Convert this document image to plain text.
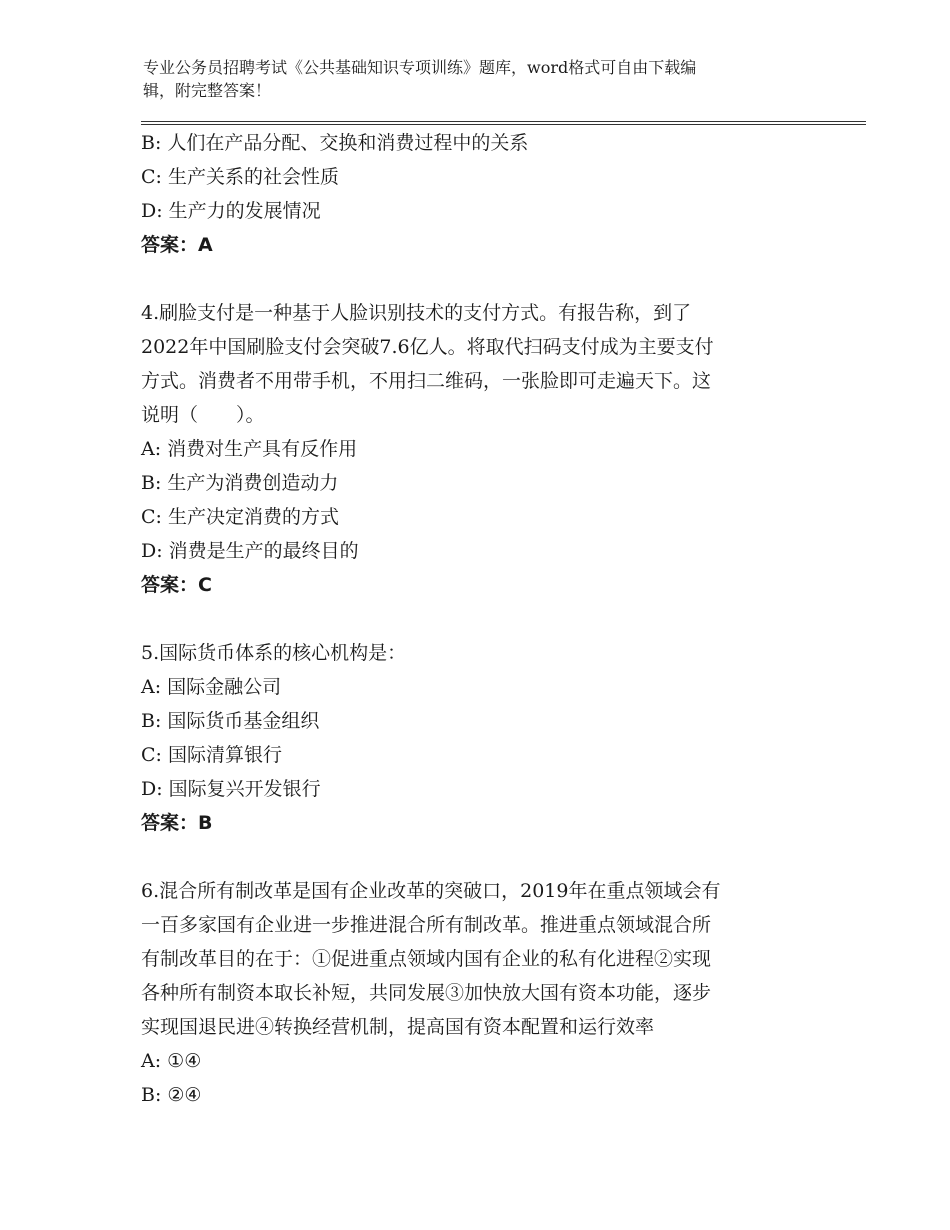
专业公务员招聘考试《公共基础知识专项训练》题库，word格式可自由下载编
辑，附完整答案！
B: 人们在产品分配、交换和消费过程中的关系
C: 生产关系的社会性质
D: 生产力的发展情况
答案：A
4.刷脸支付是一种基于人脸识别技术的支付方式。有报告称，到了
2022年中国刷脸支付会突破7.6亿人。将取代扫码支付成为主要支付
方式。消费者不用带手机，不用扫二维码，一张脸即可走遍天下。这
说明（　　）。
A: 消费对生产具有反作用
B: 生产为消费创造动力
C: 生产决定消费的方式
D: 消费是生产的最终目的
答案：C
5.国际货币体系的核心机构是：
A: 国际金融公司
B: 国际货币基金组织
C: 国际清算银行
D: 国际复兴开发银行
答案：B
6.混合所有制改革是国有企业改革的突破口，2019年在重点领域会有
一百多家国有企业进一步推进混合所有制改革。推进重点领域混合所
有制改革目的在于：①促进重点领域内国有企业的私有化进程②实现
各种所有制资本取长补短，共同发展③加快放大国有资本功能，逐步
实现国退民进④转换经营机制，提高国有资本配置和运行效率
A: ①④
B: ②④
